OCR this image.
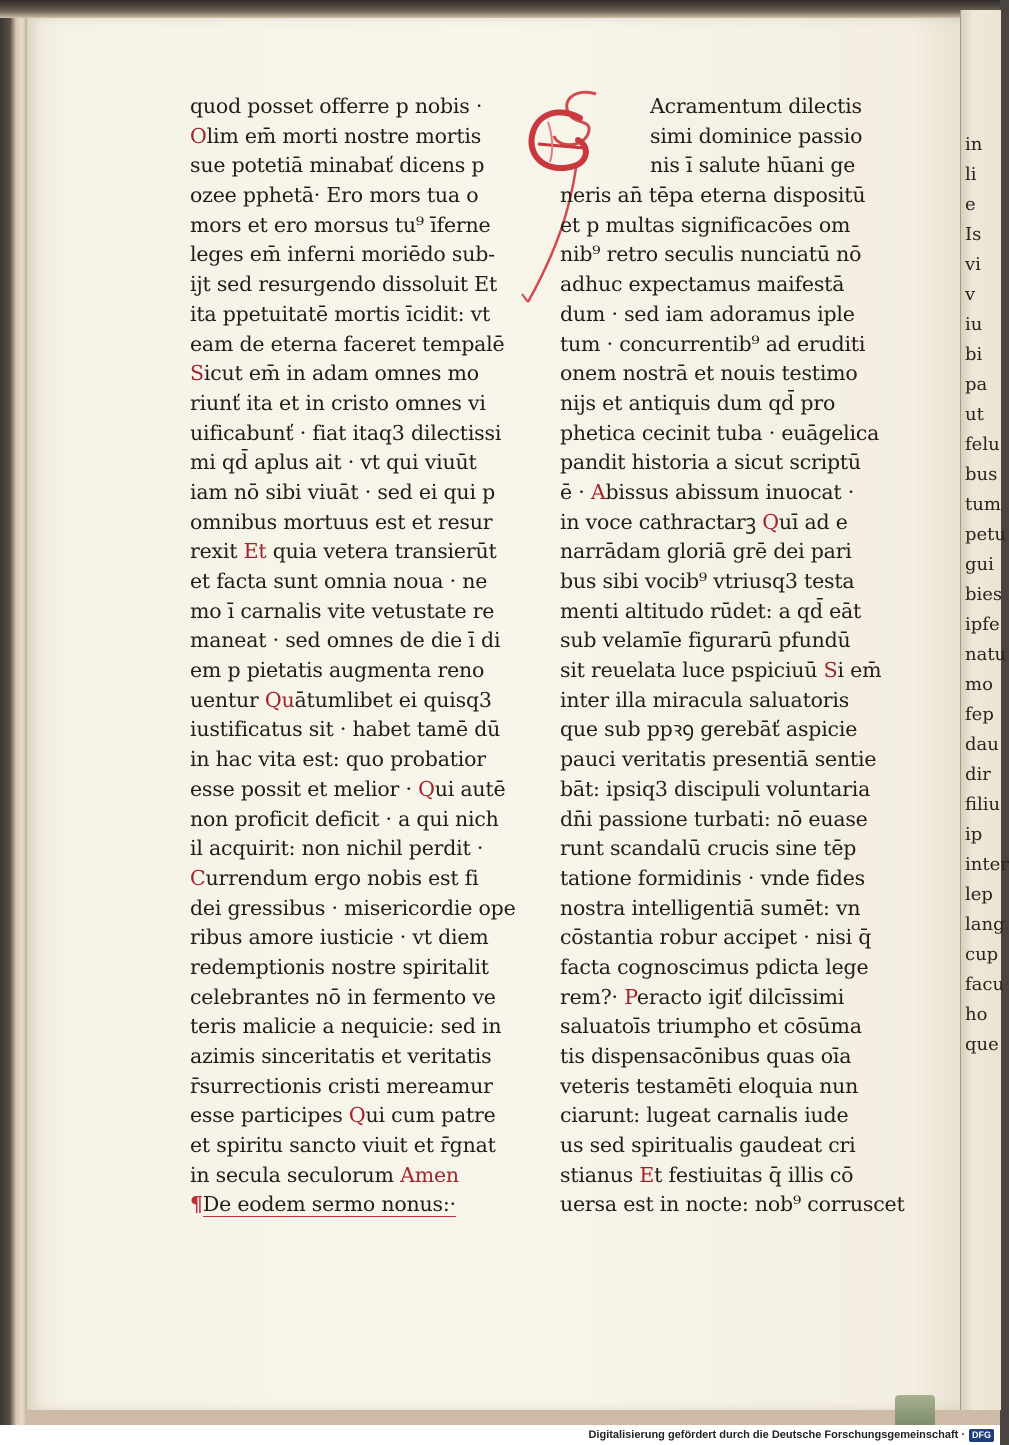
in
li
e
Is
vi
v
iu
bi
pa
ut
felu
bus
tum
petu
gui
bies
ipfe
natu
mo
fep
dau
dir
filiu
ip
inter
lep
lang
cup
facu
ho
que
quod posset offerre p nobis ·
Olim em̄ morti nostre mortis
sue potetiā minabať dicens p
ozee pphetā· Ero mors tua o
mors et ero morsus tu⁹ īferne
leges em̄ inferni moriēdo sub-
ijt sed resurgendo dissoluit Et
ita ppetuitatē mortis īcidit: vt
eam de eterna faceret tempalē
Sicut em̄ in adam omnes mo
riunť ita et in cristo omnes vi
uificabunť · fiat itaq3 dilectissi
mi qd̄ aplus ait · vt qui viuūt
iam nō sibi viuāt · sed ei qui p
omnibus mortuus est et resur
rexit Et quia vetera transierūt
et facta sunt omnia noua · ne
mo ī carnalis vite vetustate re
maneat · sed omnes de die ī di
em p pietatis augmenta reno
uentur Quātumlibet ei quisq3
iustificatus sit · habet tamē dū
in hac vita est: quo probatior
esse possit et melior · Qui autē
non proficit deficit · a qui nich
il acquirit: non nichil perdit ·
Currendum ergo nobis est fi
dei gressibus · misericordie ope
ribus amore iusticie · vt diem
redemptionis nostre spiritalit
celebrantes nō in fermento ve
teris malicie a nequicie: sed in
azimis sinceritatis et veritatis
r̄surrectionis cristi mereamur
esse participes Qui cum patre
et spiritu sancto viuit et r̄gnat
in secula seculorum Amen
¶De eodem sermo nonus:·
Acramentum dilectis
simi dominice passio
nis ī salute hūani ge
neris an̄ tēpa eterna dispositū
et p multas significacōes om
nib⁹ retro seculis nunciatū nō
adhuc expectamus maifestā
dum · sed iam adoramus iple
tum · concurrentib⁹ ad eruditi
onem nostrā et nouis testimo
nijs et antiquis dum qd̄ pro
phetica cecinit tuba · euāgelica
pandit historia a sicut scriptū
ē · Abissus abissum inuocat ·
in voce cathractarꝫ Quī ad e
narrādam gloriā grē dei pari
bus sibi vocib⁹ vtriusq3 testa
menti altitudo rūdet: a qd̄ eāt
sub velamīe figurarū pfundū
sit reuelata luce pspiciuū Si em̄
inter illa miracula saluatoris
que sub ppꝛꝯ gerebāť aspicie
pauci veritatis presentiā sentie
bāt: ipsiq3 discipuli voluntaria
dn̄i passione turbati: nō euase
runt scandalū crucis sine tēp
tatione formidinis · vnde fides
nostra intelligentiā sumēt: vn
cōstantia robur accipet · nisi q̄
facta cognoscimus pdicta lege
rem?· Peracto igiť dilcīssimi
saluatoīs triumpho et cōsūma
tis dispensacōnibus quas oīa
veteris testamēti eloquia nun
ciarunt: lugeat carnalis iude
us sed spiritualis gaudeat cri
stianus Et festiuitas q̄ illis cō
uersa est in nocte: nob⁹ corruscet
Digitalisierung gefördert durch die Deutsche Forschungsgemeinschaft · DFG
